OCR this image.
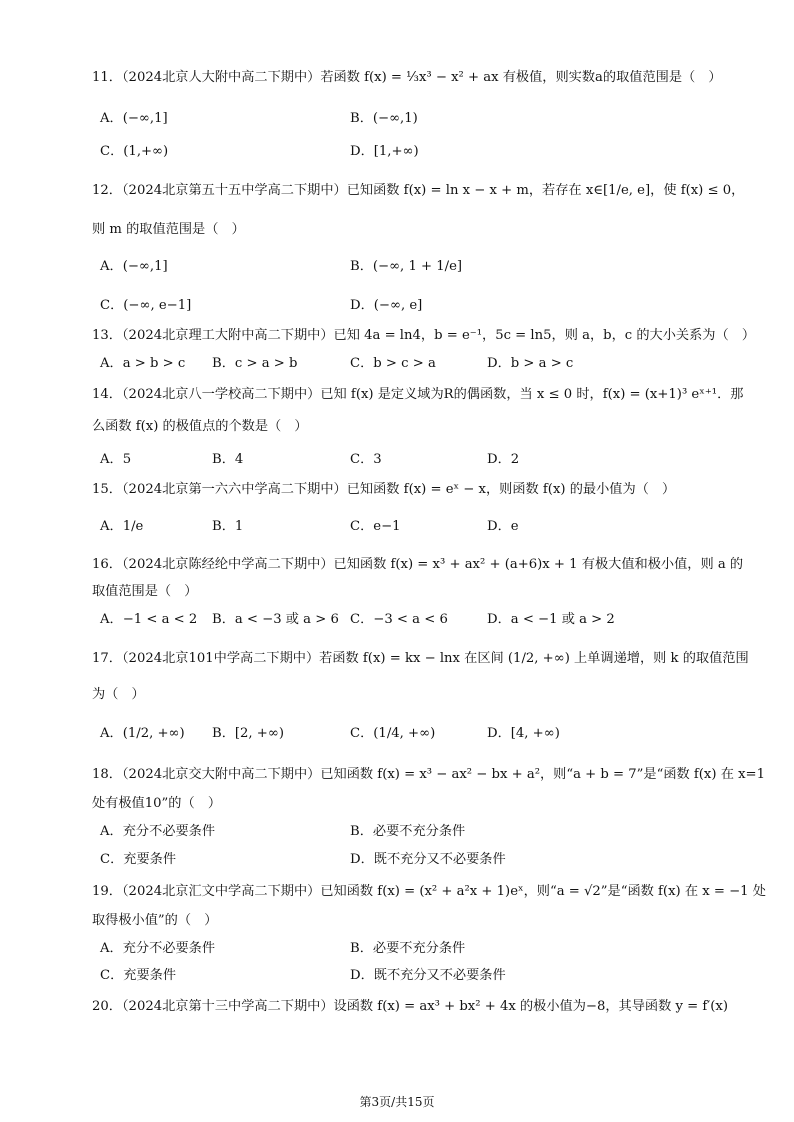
11．（2024北京人大附中高二下期中）若函数 f(x) = ⅓x³ − x² + ax 有极值，则实数a的取值范围是（　）
A．(−∞,1]	B．(−∞,1)
C．(1,+∞)	D．[1,+∞)
12．（2024北京第五十五中学高二下期中）已知函数 f(x) = ln x − x + m，若存在 x∈[1/e, e]，使 f(x) ≤ 0，
则 m 的取值范围是（　）
A．(−∞,1]	B．(−∞, 1 + 1/e]
C．(−∞, e−1]	D．(−∞, e]
13．（2024北京理工大附中高二下期中）已知 4a = ln4，b = e⁻¹，5c = ln5，则 a，b，c 的大小关系为（　）
A．a > b > c B．c > a > b	C．b > c > a	D．b > a > c
14．（2024北京八一学校高二下期中）已知 f(x) 是定义域为R的偶函数，当 x ≤ 0 时，f(x) = (x+1)³ eˣ⁺¹．那
么函数 f(x) 的极值点的个数是（　）
A．5	B．4	C．3	D．2
15．（2024北京第一六六中学高二下期中）已知函数 f(x) = eˣ − x，则函数 f(x) 的最小值为（　）
A．1/e	B．1	C．e−1	D．e
16．（2024北京陈经纶中学高二下期中）已知函数 f(x) = x³ + ax² + (a+6)x + 1 有极大值和极小值，则 a 的
取值范围是（　）
A．−1 < a < 2 B．a < −3 或 a > 6 C．−3 < a < 6	D．a < −1 或 a > 2
17．（2024北京101中学高二下期中）若函数 f(x) = kx − lnx 在区间 (1/2, +∞) 上单调递增，则 k 的取值范围
为（　）
A．(1/2, +∞) B．[2, +∞)	C．(1/4, +∞)	D．[4, +∞)
18．（2024北京交大附中高二下期中）已知函数 f(x) = x³ − ax² − bx + a²，则“a + b = 7”是“函数 f(x) 在 x=1
处有极值10”的（　）
A．充分不必要条件	B．必要不充分条件
C．充要条件	D．既不充分又不必要条件
19．（2024北京汇文中学高二下期中）已知函数 f(x) = (x² + a²x + 1)eˣ，则“a = √2”是“函数 f(x) 在 x = −1 处
取得极小值”的（　）
A．充分不必要条件	B．必要不充分条件
C．充要条件	D．既不充分又不必要条件
20．（2024北京第十三中学高二下期中）设函数 f(x) = ax³ + bx² + 4x 的极小值为−8，其导函数 y = f′(x)
第3页/共15页
